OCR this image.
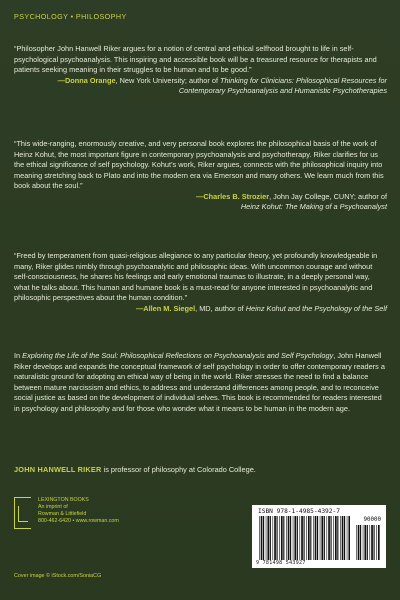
PSYCHOLOGY • PHILOSOPHY

“Philosopher John Hanwell Riker argues for a notion of central and ethical selfhood brought to life in self-psychological psychoanalysis. This inspiring and accessible book will be a treasured resource for therapists and patients seeking meaning in their struggles to be human and to be good.”

—Donna Orange, New York University; author of Thinking for Clinicians: Philosophical Resources for Contemporary Psychoanalysis and Humanistic Psychotherapies

“This wide-ranging, enormously creative, and very personal book explores the philosophical basis of the work of Heinz Kohut, the most important figure in contemporary psychoanalysis and psychotherapy. Riker clarifies for us the ethical significance of self psychology. Kohut’s work, Riker argues, connects with the philosophical inquiry into meaning stretching back to Plato and into the modern era via Emerson and many others. We learn much from this book about the soul.”

—Charles B. Strozier, John Jay College, CUNY; author of
Heinz Kohut: The Making of a Psychoanalyst

“Freed by temperament from quasi-religious allegiance to any particular theory, yet profoundly knowledgeable in many, Riker glides nimbly through psychoanalytic and philosophic ideas. With uncommon courage and without self-consciousness, he shares his feelings and early emotional traumas to illustrate, in a deeply personal way, what he talks about. This human and humane book is a must-read for anyone interested in psychoanalytic and philosophic perspectives about the human condition.”

—Allen M. Siegel, MD, author of Heinz Kohut and the Psychology of the Self

In Exploring the Life of the Soul: Philosophical Reflections on Psychoanalysis and Self Psychology, John Hanwell Riker develops and expands the conceptual framework of self psychology in order to offer contemporary readers a naturalistic ground for adopting an ethical way of being in the world. Riker stresses the need to find a balance between mature narcissism and ethics, to address and understand differences among people, and to reconceive social justice as based on the development of individual selves. This book is recommended for readers interested in psychology and philosophy and for those who wonder what it means to be human in the modern age.

JOHN HANWELL RIKER is professor of philosophy at Colorado College.

LEXINGTON BOOKS
An imprint of
Rowman & Littlefield
800-462-6420 • www.rowman.com
Cover image © iStock.com/SoniaCG
ISBN 978-1-4985-4392-7
90000
9 781498 543927
